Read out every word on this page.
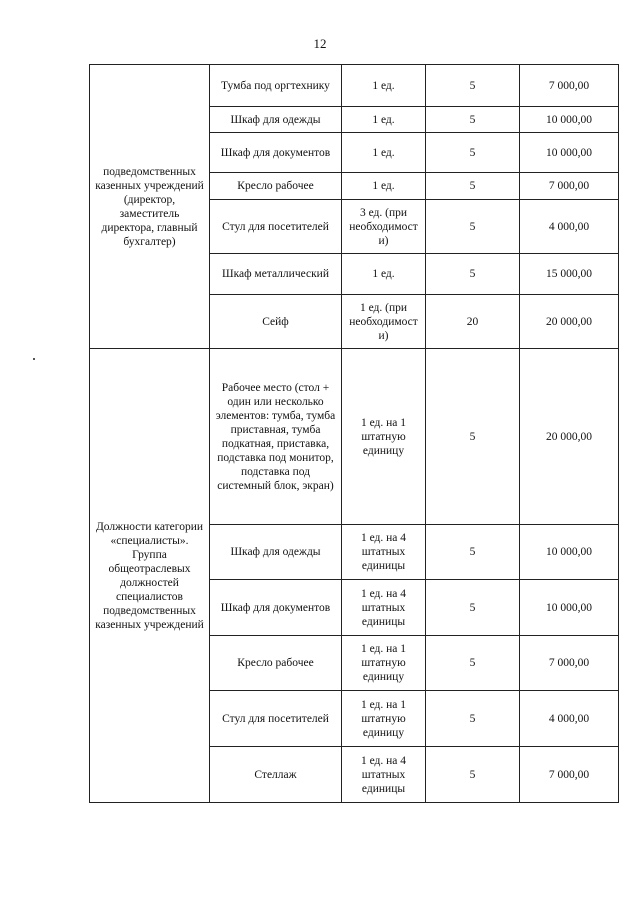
12
подведомственных казенных учреждений (директор, заместитель директора, главный бухгалтер)	Тумба под оргтехнику	1 ед.	5	7 000,00
	Шкаф для одежды	1 ед.	5	10 000,00
	Шкаф для документов	1 ед.	5	10 000,00
	Кресло рабочее	1 ед.	5	7 000,00
	Стул для посетителей	3 ед. (при необходимост и)	5	4 000,00
	Шкаф металлический	1 ед.	5	15 000,00
	Сейф	1 ед. (при необходимост и)	20	20 000,00
Должности категории «специалисты». Группа общеотраслевых должностей специалистов подведомственных казенных учреждений	Рабочее место (стол + один или несколько элементов: тумба, тумба приставная, тумба подкатная, приставка, подставка под монитор, подставка под системный блок, экран)	1 ед. на 1 штатную единицу	5	20 000,00
	Шкаф для одежды	1 ед. на 4 штатных единицы	5	10 000,00
	Шкаф для документов	1 ед. на 4 штатных единицы	5	10 000,00
	Кресло рабочее	1 ед. на 1 штатную единицу	5	7 000,00
	Стул для посетителей	1 ед. на 1 штатную единицу	5	4 000,00
	Стеллаж	1 ед. на 4 штатных единицы	5	7 000,00
